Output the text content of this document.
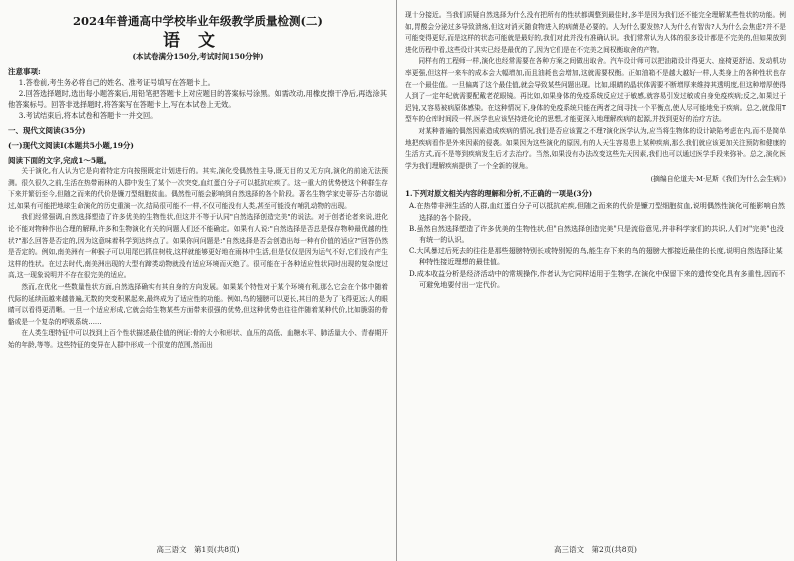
2024年普通高中学校毕业年级教学质量检测(二)

语文

(本试卷满分150分,考试时间150分钟)

注意事项:

1.答卷前,考生务必将自己的姓名、准考证号填写在答题卡上。

2.回答选择题时,选出每小题答案后,用铅笔把答题卡上对应题目的答案标号涂黑。如需改动,用橡皮擦干净后,再选涂其他答案标号。回答非选择题时,将答案写在答题卡上,写在本试卷上无效。

3.考试结束后,将本试卷和答题卡一并交回。

一、现代文阅读(35分)

(一)现代文阅读Ⅰ(本题共5小题,19分)

阅读下面的文字,完成1～5题。

关于演化,有人认为它是向着特定方向按照既定计划进行的。其实,演化受偶然性主导,既无目的又无方向,演化的前途无法预测。很久很久之前,生活在热带雨林的人群中发生了某个一次突变,血红蛋白分子可以抵抗疟疾了。这一重大的优势使这个种群生存下来并繁衍至今,但随之而来的代价是镰刀型细胞贫血。偶然性可能会影响到自然选择的各个阶段。著名生物学家史蒂芬·古尔德说过,如果有可能把地球生命演化的历史重演一次,结局很可能不一样,不仅可能没有人类,甚至可能没有哺乳动物的出现。

我们经常强调,自然选择塑造了许多优美的生物性状,但这并不等于认同"自然选择创造完美"的说法。对于创者论者来说,进化论不能对物种作出合理的解释,许多和生物演化有关的问题人们还不能确定。如果有人说:"自然选择是否总是保存物种最优越的性状?"那么回答是否定的,因为这意味着科学到达终点了。如果你问问题是:"自然选择是否会创造出每一种有价值的适应?"回答仍然是否定的。例如,南美洲有一种猴子可以用尾巴抓住树枝,这样就能够更好地在雨林中生活,但是仅仅是因为运气不好,它们没有产生这样的性状。在过去时代,南美洲出现的大型有蹄类动物就没有适应环境而灭绝了。很可能在于各种适应性状同时出现的复杂度过高,这一现象说明并不存在很完美的适应。

然而,在优化一些数量性状方面,自然选择确实有其自身的方向发展。如果某个特性对于某个环境有利,那么它会在个体中随着代际的延续而越来越普遍,无数的突变积累起来,最终成为了适应性的功能。例如,鸟的翅膀可以更长,其目的是为了飞得更远;人的眼睛可以看得更清晰。一旦一个适应形成,它就会给生物某些方面带来很强的优势,但这种优势也往往伴随着某种代价,比如脆弱的骨骼或是一个复杂的呼吸系统……

在人类生理特征中可以找到上百个性状描述最佳值的例证:骨的大小和形状、血压的高低、血糖水平、肺活量大小、青春期开始的年龄,等等。这些特征的变异在人群中形成一个很宽的范围,然而出

高三语文　第1页(共8页)

现十分接近。当我们质疑自然选择为什么没有把所有的性状都调整到最佳时,多半是因为我们还不能完全理解某些性状的功能。例如,胃酸会分泌过多导致溃疡,但这对消灭随食物进入的病菌是必要的。人为什么要发热?人为什么有智齿?人为什么会焦虑?并不是可能变得更好,而是这样的状态可能就是最好的,我们对此并没有准确认识。我们常常认为人体的很多设计都是不完美的,但如果放到进化历程中看,这些设计其实已经是最优的了,因为它们是在不完美之间权衡取舍的产物。

同样有的工程师一样,演化也经常需要在各种方案之间做出取舍。汽车设计师可以把油箱设计得更大、座椅更舒适、发动机功率更强,但这样一来车的成本会大幅增加,而且油耗也会增加,这就需要权衡。正如油箱不是越大越好一样,人类身上的各种性状也存在一个最佳值。一旦偏离了这个最佳值,就会导致某些问题出现。比如,眼睛的晶状体需要不断增厚来维持其透明度,但这种增厚使得人到了一定年纪就需要配戴老花眼镜。再比如,如果身体的免疫系统反应过于敏感,就容易引发过敏或自身免疫疾病;反之,如果过于迟钝,又容易被病原体感染。在这种情况下,身体的免疫系统只能在两者之间寻找一个平衡点,使人尽可能地免于疾病。总之,就像用T型车的仓库时间段一样,医学也应该坚持进化论的思想,才能更深入地理解疾病的起源,并找到更好的治疗方法。

对某种普遍的偶然因素造成疾病的情况,我们是否应该置之不理?演化医学认为,应当将生物体的设计缺陷考虑在内,而不是简单地把疾病看作是外来因素的侵袭。如果因为这些演化的原因,有的人天生容易患上某种疾病,那么我们就应该更加关注预防和健康的生活方式,而不是等到疾病发生后才去治疗。当然,如果没有办法改变这些先天因素,我们也可以通过医学手段来弥补。总之,演化医学为我们理解疾病提供了一个全新的视角。

(摘编自伦道夫·M·尼斯《我们为什么会生病》)

1.下列对原文相关内容的理解和分析,不正确的一项是(3分)

A.在热带非洲生活的人群,血红蛋白分子可以抵抗疟疾,但随之而来的代价是镰刀型细胞贫血,说明偶然性演化可能影响自然选择的各个阶段。

B.虽然自然选择塑造了许多优美的生物性状,但"自然选择创造完美"只是流俗意见,并非科学家们的共识,人们对"完美"也没有统一的认识。

C.大风暴过后死去的往往是那些翅膀特别长或特别短的鸟,能生存下来的鸟的翅膀大都接近最佳的长度,说明自然选择让某种特性接近理想的最佳值。

D.成本收益分析是经济活动中的常规操作,作者认为它同样适用于生物学,在演化中保留下来的遗传变化具有多重性,因而不可避免地要付出一定代价。

高三语文　第2页(共8页)
